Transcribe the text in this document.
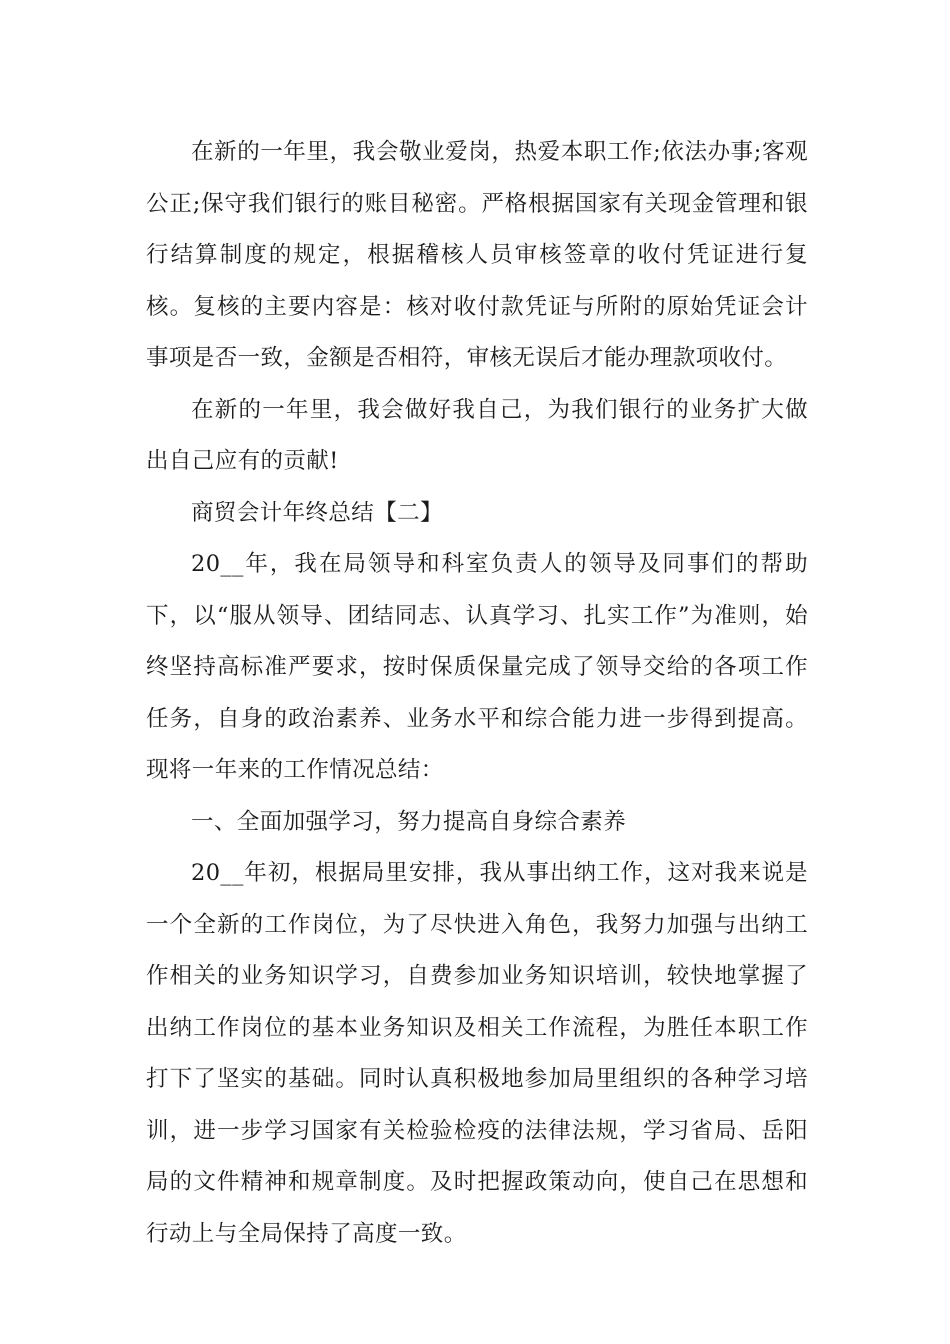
在新的一年里，我会敬业爱岗，热爱本职工作;依法办事;客观公正;保守我们银行的账目秘密。严格根据国家有关现金管理和银行结算制度的规定，根据稽核人员审核签章的收付凭证进行复核。复核的主要内容是：核对收付款凭证与所附的原始凭证会计事项是否一致，金额是否相符，审核无误后才能办理款项收付。

在新的一年里，我会做好我自己，为我们银行的业务扩大做出自己应有的贡献!

商贸会计年终总结【二】

20__年，我在局领导和科室负责人的领导及同事们的帮助下，以“服从领导、团结同志、认真学习、扎实工作”为准则，始终坚持高标准严要求，按时保质保量完成了领导交给的各项工作任务，自身的政治素养、业务水平和综合能力进一步得到提高。现将一年来的工作情况总结：

一、全面加强学习，努力提高自身综合素养

20__年初，根据局里安排，我从事出纳工作，这对我来说是一个全新的工作岗位，为了尽快进入角色，我努力加强与出纳工作相关的业务知识学习，自费参加业务知识培训，较快地掌握了出纳工作岗位的基本业务知识及相关工作流程，为胜任本职工作打下了坚实的基础。同时认真积极地参加局里组织的各种学习培训，进一步学习国家有关检验检疫的法律法规，学习省局、岳阳局的文件精神和规章制度。及时把握政策动向，使自己在思想和行动上与全局保持了高度一致。
